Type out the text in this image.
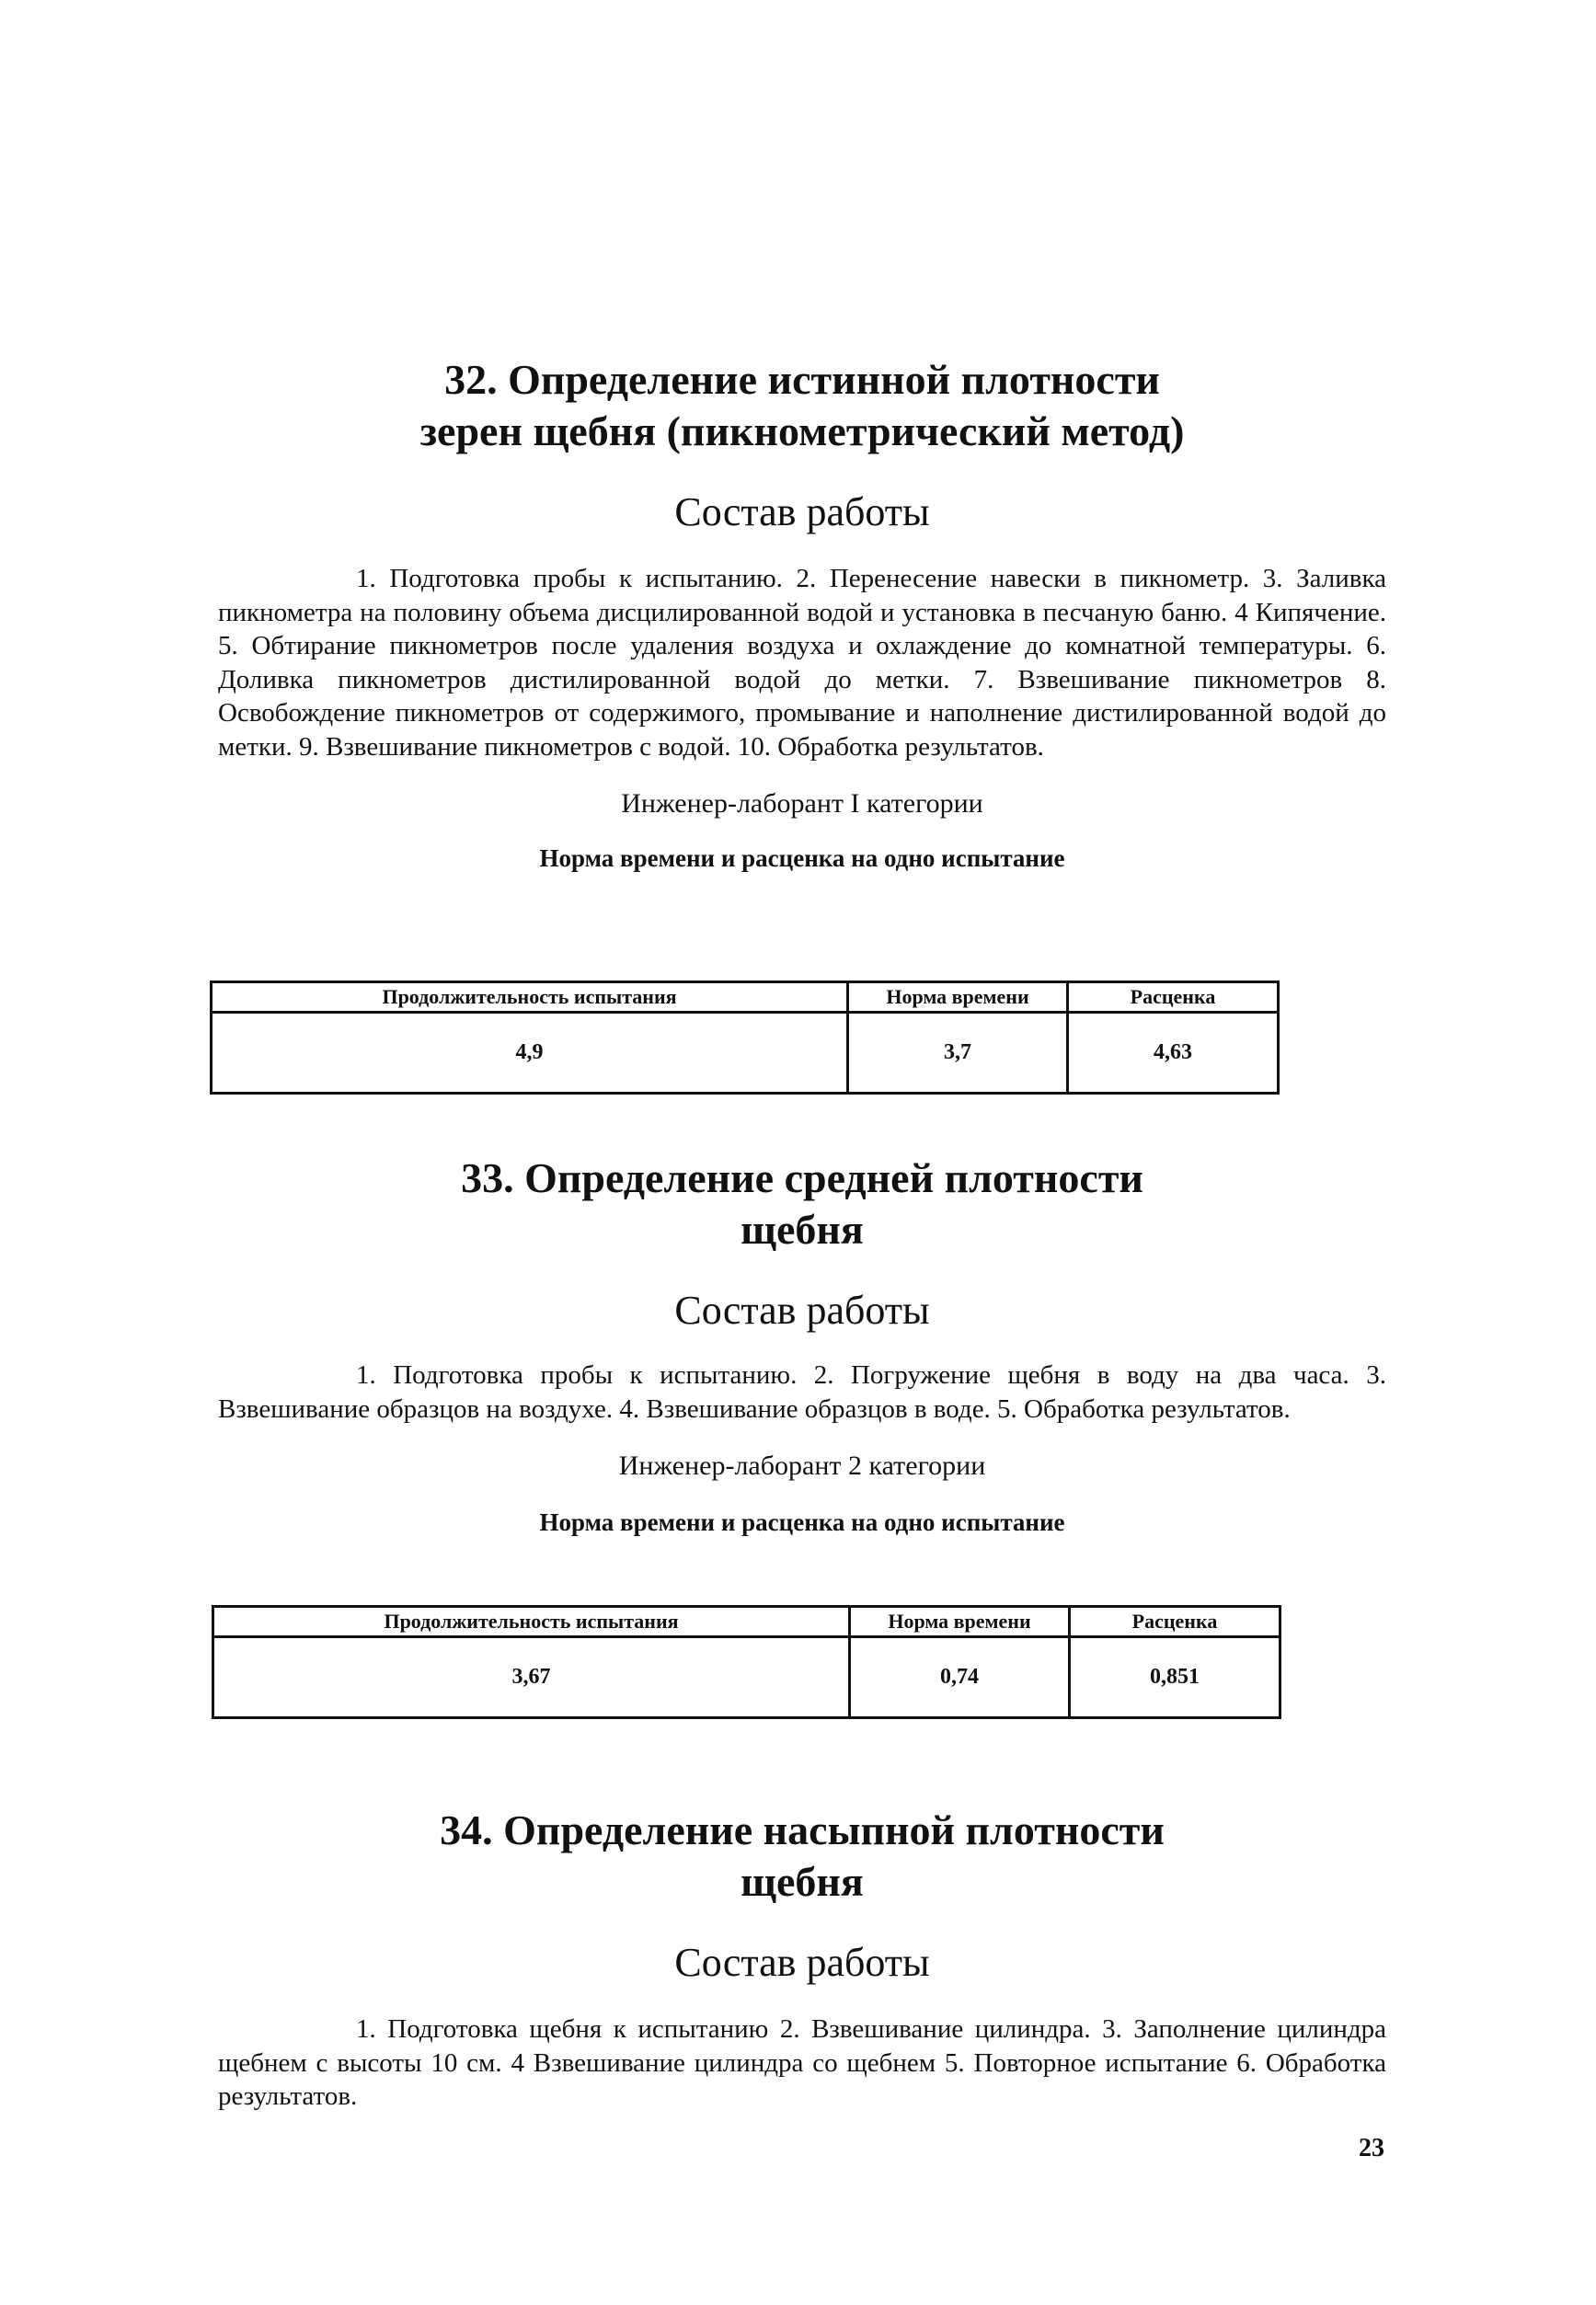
32. Определение истинной плотности

зерен щебня (пикнометрический метод)

Состав работы

1. Подготовка пробы к испытанию. 2. Перенесение навески в пикнометр. 3. Заливка пикнометра на половину объема дисцилированной водой и установка в песчаную баню. 4 Кипячение. 5. Обтирание пикнометров после удаления воздуха и охлаждение до комнатной температуры. 6. Доливка пикнометров дистилированной водой до метки. 7. Взвешивание пикнометров 8. Освобождение пикнометров от содержимого, промывание и наполнение дистилированной водой до метки. 9. Взвешивание пикнометров с водой. 10. Обработка результатов.

Инженер-лаборант I категории

Норма времени и расценка на одно испытание

Продолжительность испытания	Норма времени	Расценка
4,9	3,7	4,63

33. Определение средней плотности

щебня

Состав работы

1. Подготовка пробы к испытанию. 2. Погружение щебня в воду на два часа. 3. Взвешивание образцов на воздухе. 4. Взвешивание образцов в воде. 5. Обработка результатов.

Инженер-лаборант 2 категории

Норма времени и расценка на одно испытание

Продолжительность испытания	Норма времени	Расценка
3,67	0,74	0,851

34. Определение насыпной плотности

щебня

Состав работы

1. Подготовка щебня к испытанию 2. Взвешивание цилиндра. 3. Заполнение цилиндра щебнем с высоты 10 см. 4 Взвешивание цилиндра со щебнем 5. Повторное испытание 6. Обработка результатов.

23
